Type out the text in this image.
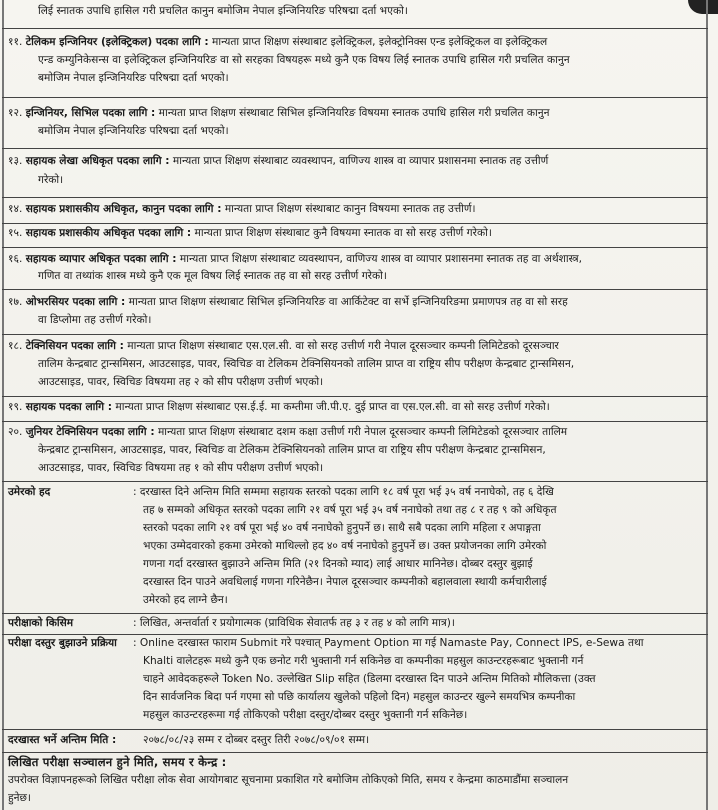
लिई स्नातक उपाधि हासिल गरी प्रचलित कानुन बमोजिम नेपाल इन्जिनियरिङ परिषद्मा दर्ता भएको।

११. टेलिकम इन्जिनियर (इलेक्ट्रिकल) पदका लागि : मान्यता प्राप्त शिक्षण संस्थाबाट इलेक्ट्रिकल, इलेक्ट्रोनिक्स एन्ड इलेक्ट्रिकल वा इलेक्ट्रिकल

एन्ड कम्युनिकेसन्स वा इलेक्ट्रिकल इन्जिनियरिङ वा सो सरहका विषयहरू मध्ये कुनै एक विषय लिई स्नातक उपाधि हासिल गरी प्रचलित कानुन

बमोजिम नेपाल इन्जिनियरिङ परिषद्मा दर्ता भएको।

१२. इन्जिनियर, सिभिल पदका लागि : मान्यता प्राप्त शिक्षण संस्थाबाट सिभिल इन्जिनियरिङ विषयमा स्नातक उपाधि हासिल गरी प्रचलित कानुन

बमोजिम नेपाल इन्जिनियरिङ परिषद्मा दर्ता भएको।

१३. सहायक लेखा अधिकृत पदका लागि : मान्यता प्राप्त शिक्षण संस्थाबाट व्यवस्थापन, वाणिज्य शास्त्र वा व्यापार प्रशासनमा स्नातक तह उत्तीर्ण

गरेको।

१४. सहायक प्रशासकीय अधिकृत, कानुन पदका लागि : मान्यता प्राप्त शिक्षण संस्थाबाट कानुन विषयमा स्नातक तह उत्तीर्ण।

१५. सहायक प्रशासकीय अधिकृत पदका लागि : मान्यता प्राप्त शिक्षण संस्थाबाट कुनै विषयमा स्नातक वा सो सरह उत्तीर्ण गरेको।

१६. सहायक व्यापार अधिकृत पदका लागि : मान्यता प्राप्त शिक्षण संस्थाबाट व्यवस्थापन, वाणिज्य शास्त्र वा व्यापार प्रशासनमा स्नातक तह वा अर्थशास्त्र,

गणित वा तथ्यांक शास्त्र मध्ये कुनै एक मूल विषय लिई स्नातक तह वा सो सरह उत्तीर्ण गरेको।

१७. ओभरसियर पदका लागि : मान्यता प्राप्त शिक्षण संस्थाबाट सिभिल इन्जिनियरिङ वा आर्किटेक्ट वा सर्भे इन्जिनियरिङमा प्रमाणपत्र तह वा सो सरह

वा डिप्लोमा तह उत्तीर्ण गरेको।

१८. टेक्निसियन पदका लागि : मान्यता प्राप्त शिक्षण संस्थाबाट एस.एल.सी. वा सो सरह उत्तीर्ण गरी नेपाल दूरसञ्चार कम्पनी लिमिटेडको दूरसञ्चार

तालिम केन्द्रबाट ट्रान्समिसन, आउटसाइड, पावर, स्विचिङ वा टेलिकम टेक्निसियनको तालिम प्राप्त वा राष्ट्रिय सीप परीक्षण केन्द्रबाट ट्रान्समिसन,

आउटसाइड, पावर, स्विचिङ विषयमा तह २ को सीप परीक्षण उत्तीर्ण भएको।

१९. सहायक पदका लागि : मान्यता प्राप्त शिक्षण संस्थाबाट एस.ई.ई. मा कम्तीमा जी.पी.ए. दुई प्राप्त वा एस.एल.सी. वा सो सरह उत्तीर्ण गरेको।

२०. जुनियर टेक्निसियन पदका लागि : मान्यता प्राप्त शिक्षण संस्थाबाट दशम कक्षा उत्तीर्ण गरी नेपाल दूरसञ्चार कम्पनी लिमिटेडको दूरसञ्चार तालिम

केन्द्रबाट ट्रान्समिसन, आउटसाइड, पावर, स्विचिङ वा टेलिकम टेक्निसियनको तालिम प्राप्त वा राष्ट्रिय सीप परीक्षण केन्द्रबाट ट्रान्समिसन,

आउटसाइड, पावर, स्विचिङ विषयमा तह १ को सीप परीक्षण उत्तीर्ण भएको।

उमेरको हद	: दरखास्त दिने अन्तिम मिति सम्ममा सहायक स्तरको पदका लागि १८ वर्ष पूरा भई ३५ वर्ष ननाघेको, तह ६ देखि

तह ७ सम्मको अधिकृत स्तरको पदका लागि २१ वर्ष पूरा भई ३५ वर्ष ननाघेको तथा तह ८ र तह ९ को अधिकृत

स्तरको पदका लागि २१ वर्ष पूरा भई ४० वर्ष ननाघेको हुनुपर्ने छ। साथै सबै पदका लागि महिला र अपाङ्गता

भएका उम्मेदवारको हकमा उमेरको माथिल्लो हद ४० वर्ष ननाघेको हुनुपर्ने छ। उक्त प्रयोजनका लागि उमेरको

गणना गर्दा दरखास्त बुझाउने अन्तिम मिति (२१ दिनको म्याद) लाई आधार मानिनेछ। दोब्बर दस्तुर बुझाई

दरखास्त दिन पाउने अवधिलाई गणना गरिनेछैन। नेपाल दूरसञ्चार कम्पनीको बहालवाला स्थायी कर्मचारीलाई

उमेरको हद लाग्ने छैन।

परीक्षाको किसिम	: लिखित, अन्तर्वार्ता र प्रयोगात्मक (प्राविधिक सेवातर्फ तह ३ र तह ४ को लागि मात्र)।

परीक्षा दस्तुर बुझाउने प्रक्रिया : Online दरखास्त फाराम Submit गरे पश्चात् Payment Option मा गई Namaste Pay, Connect IPS, e-Sewa तथा

Khalti वालेटहरू मध्ये कुनै एक छनोट गरी भुक्तानी गर्न सकिनेछ वा कम्पनीका महसुल काउन्टरहरूबाट भुक्तानी गर्न

चाहने आवेदकहरूले Token No. उल्लेखित Slip सहित (डिलमा दरखास्त दिन पाउने अन्तिम मितिको मौलिकत्ता (उक्त

दिन सार्वजनिक बिदा पर्न गएमा सो पछि कार्यालय खुलेको पहिलो दिन) महसुल काउन्टर खुल्ने समयभित्र कम्पनीका

महसुल काउन्टरहरूमा गई तोकिएको परीक्षा दस्तुर/दोब्बर दस्तुर भुक्तानी गर्न सकिनेछ।

दरखास्त भर्ने अन्तिम मिति :	२०७८/०८/२३ सम्म र दोब्बर दस्तुर तिरी २०७८/०९/०१ सम्म।

लिखित परीक्षा सञ्चालन हुने मिति, समय र केन्द्र :

उपरोक्त विज्ञापनहरूको लिखित परीक्षा लोक सेवा आयोगबाट सूचनामा प्रकाशित गरे बमोजिम तोकिएको मिति, समय र केन्द्रमा काठमाडौंमा सञ्चालन

हुनेछ।
